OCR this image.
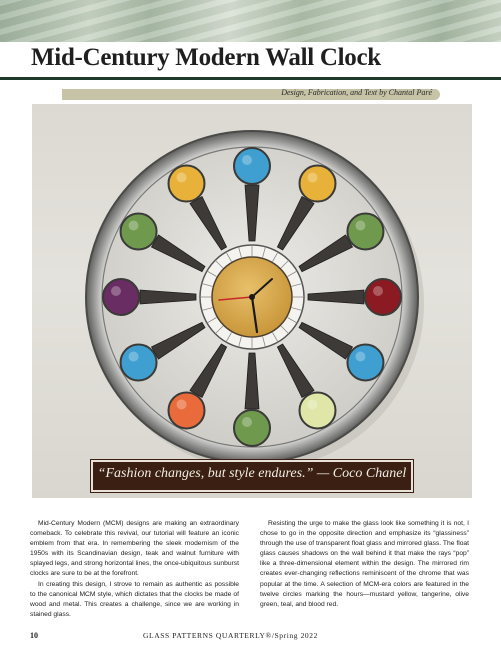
Mid-Century Modern Wall Clock
Design, Fabrication, and Text by Chantal Paré
“Fashion changes, but style endures.” — Coco Chanel

Mid-Century Modern (MCM) designs are making an extraordinary comeback. To celebrate this revival, our tutorial will feature an iconic emblem from that era. In remembering the sleek modernism of the 1950s with its Scandinavian design, teak and walnut furniture with splayed legs, and strong horizontal lines, the once-ubiquitous sunburst clocks are sure to be at the forefront.

In creating this design, I strove to remain as authentic as possible to the canonical MCM style, which dictates that the clocks be made of wood and metal. This creates a challenge, since we are working in stained glass.

Resisting the urge to make the glass look like something it is not, I chose to go in the opposite direction and emphasize its “glassiness” through the use of transparent float glass and mirrored glass. The float glass causes shadows on the wall behind it that make the rays “pop” like a three-dimensional element within the design. The mirrored rim creates ever-changing reflections reminiscent of the chrome that was popular at the time. A selection of MCM-era colors are featured in the twelve circles marking the hours—mustard yellow, tangerine, olive green, teal, and blood red.

10	GLASS PATTERNS QUARTERLY®/Spring 2022
